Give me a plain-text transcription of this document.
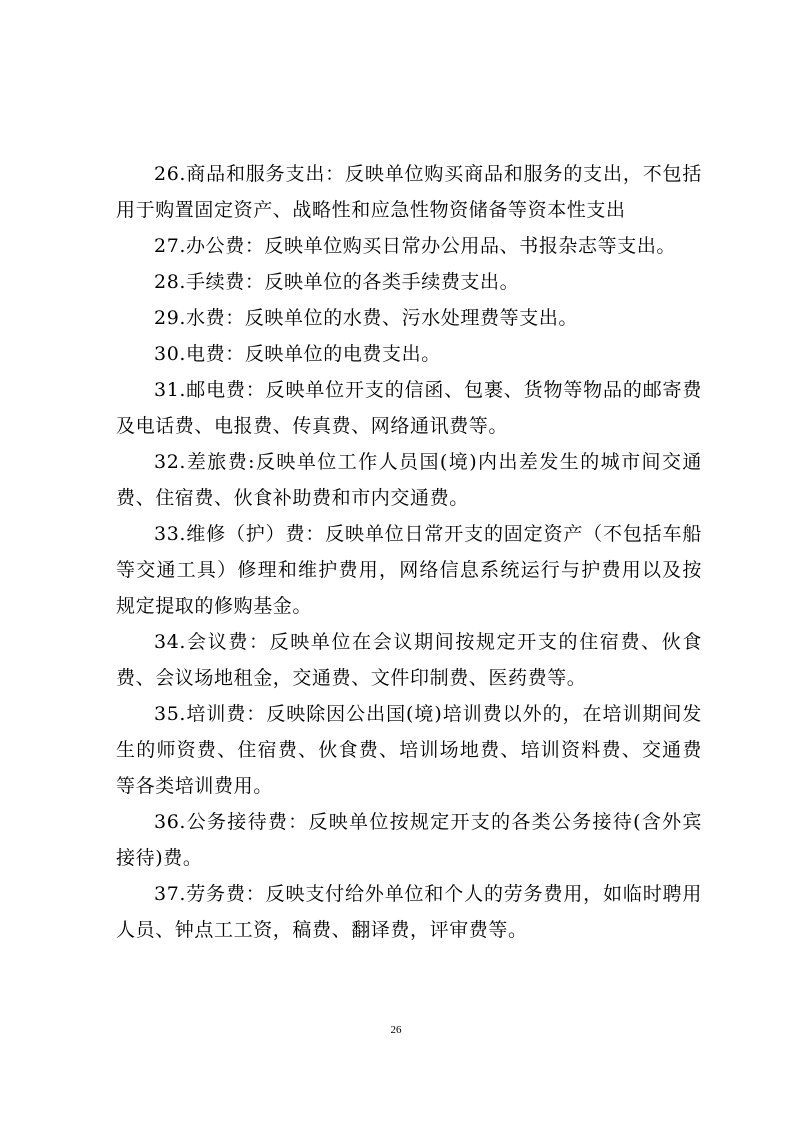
26.商品和服务支出：反映单位购买商品和服务的支出，不包括用于购置固定资产、战略性和应急性物资储备等资本性支出

27.办公费：反映单位购买日常办公用品、书报杂志等支出。

28.手续费：反映单位的各类手续费支出。

29.水费：反映单位的水费、污水处理费等支出。

30.电费：反映单位的电费支出。

31.邮电费：反映单位开支的信函、包裹、货物等物品的邮寄费及电话费、电报费、传真费、网络通讯费等。

32.差旅费:反映单位工作人员国(境)内出差发生的城市间交通费、住宿费、伙食补助费和市内交通费。

33.维修（护）费：反映单位日常开支的固定资产（不包括车船等交通工具）修理和维护费用，网络信息系统运行与护费用以及按规定提取的修购基金。

34.会议费：反映单位在会议期间按规定开支的住宿费、伙食费、会议场地租金，交通费、文件印制费、医药费等。

35.培训费：反映除因公出国(境)培训费以外的，在培训期间发生的师资费、住宿费、伙食费、培训场地费、培训资料费、交通费等各类培训费用。

36.公务接待费：反映单位按规定开支的各类公务接待(含外宾接待)费。

37.劳务费：反映支付给外单位和个人的劳务费用，如临时聘用人员、钟点工工资，稿费、翻译费，评审费等。

26
